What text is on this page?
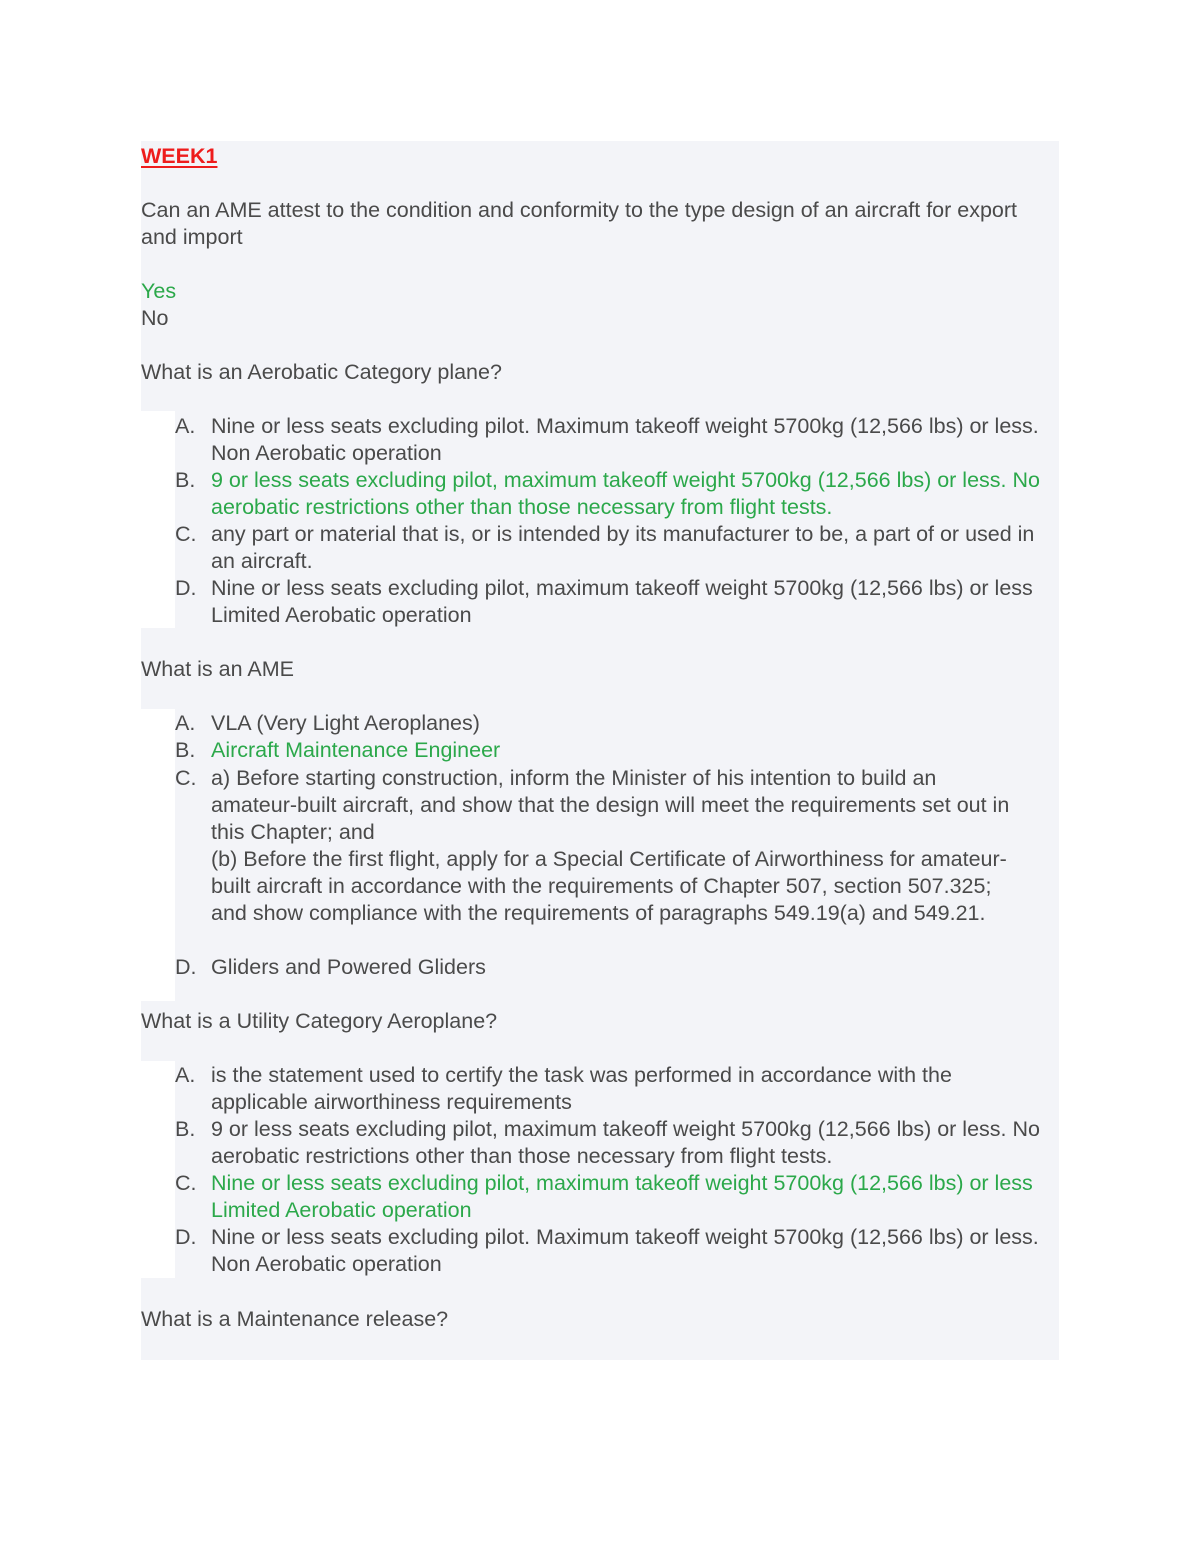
WEEK1
Can an AME attest to the condition and conformity to the type design of an aircraft for export and import
Yes
No
What is an Aerobatic Category plane?
A. Nine or less seats excluding pilot. Maximum takeoff weight 5700kg (12,566 lbs) or less. Non Aerobatic operation
B. 9 or less seats excluding pilot, maximum takeoff weight 5700kg (12,566 lbs) or less. No aerobatic restrictions other than those necessary from flight tests.
C. any part or material that is, or is intended by its manufacturer to be, a part of or used in an aircraft.
D. Nine or less seats excluding pilot, maximum takeoff weight 5700kg (12,566 lbs) or less Limited Aerobatic operation
What is an AME
A. VLA (Very Light Aeroplanes)
B. Aircraft Maintenance Engineer
C. a) Before starting construction, inform the Minister of his intention to build an amateur-built aircraft, and show that the design will meet the requirements set out in this Chapter; and
(b) Before the first flight, apply for a Special Certificate of Airworthiness for amateur-built aircraft in accordance with the requirements of Chapter 507, section 507.325; and show compliance with the requirements of paragraphs 549.19(a) and 549.21.
D. Gliders and Powered Gliders
What is a Utility Category Aeroplane?
A. is the statement used to certify the task was performed in accordance with the applicable airworthiness requirements
B. 9 or less seats excluding pilot, maximum takeoff weight 5700kg (12,566 lbs) or less. No aerobatic restrictions other than those necessary from flight tests.
C. Nine or less seats excluding pilot, maximum takeoff weight 5700kg (12,566 lbs) or less Limited Aerobatic operation
D. Nine or less seats excluding pilot. Maximum takeoff weight 5700kg (12,566 lbs) or less. Non Aerobatic operation
What is a Maintenance release?
